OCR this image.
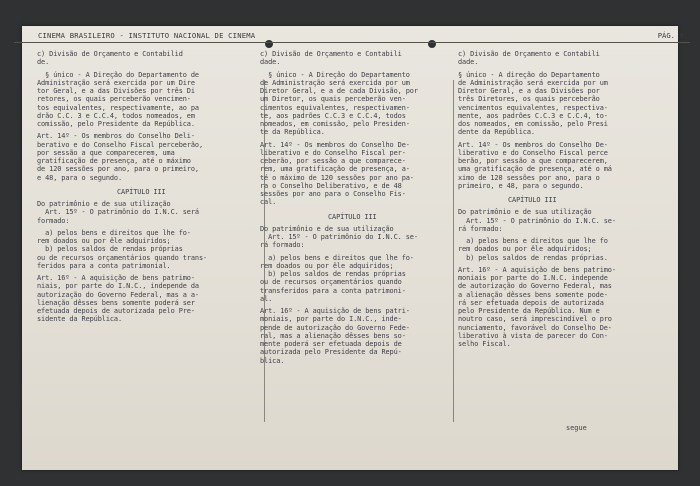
CINEMA BRASILEIRO - INSTITUTO NACIONAL DE CINEMA	PÁG. 9.
c) Divisão de Orçamento e Contabilid
de.
§ único - A Direção do Departamento de
Administração será exercida por um Dire
tor Geral, e a das Divisões por três Di
retores, os quais perceberão vencimen-
tos equivalentes, respectivamente, ao pa
drão C.C. 3 e C.C.4, todos nomeados, em
comissão, pelo Presidente da República.
Art. 14º - Os membros do Conselho Deli-
berativo e do Conselho Fiscal perceberão,
por sessão a que comparecerem, uma
gratificação de presença, até o máximo
de 120 sessões por ano, para o primeiro,
e 48, para o segundo.
CAPÍTULO III
Do patrimônio e de sua utilização
Art. 15º - O patrimônio do I.N.C. será
formado:
a) pelos bens e direitos que lhe fo-
rem doados ou por êle adquiridos;
b) pelos saldos de rendas próprias
ou de recursos orçamentários quando trans-
feridos para a conta patrimonial.
Art. 16º - A aquisição de bens patrimo-
niais, por parte do I.N.C., independe da
autorização do Governo Federal, mas a a-
lienação dêsses bens somente poderá ser
efetuada depois de autorizada pelo Pre-
sidente da República.
c) Divisão de Orçamento e Contabili
dade.
§ único - A Direção do Departamento
de Administração será exercida por um
Diretor Geral, e a de cada Divisão, por
um Diretor, os quais perceberão ven-
cimentos equivalentes, respectivamen-
te, aos padrões C.C.3 e C.C.4, todos
nomeados, em comissão, pelo Presiden-
te da República.
Art. 14º - Os membros do Conselho De-
liberativo e do Conselho Fiscal per-
ceberão, por sessão a que comparece-
rem, uma gratificação de presença, a-
té o máximo de 120 sessões por ano pa-
ra o Conselho Deliberativo, e de 48
sessões por ano para o Conselho Fis-
cal.
CAPÍTULO III
Do patrimônio e de sua utilização
Art. 15º - O patrimônio do I.N.C. se-
rá formado:
a) pelos bens e direitos que lhe fo-
rem doados ou por êle adquiridos;
b) pelos saldos de rendas próprias
ou de recursos orçamentários quando
transferidos para a conta patrimoni-
al.
Art. 16º - A aquisição de bens patri-
moniais, por parte do I.N.C., inde-
pende de autorização do Governo Fede-
ral, mas a alienação dêsses bens so-
mente poderá ser efetuada depois de
autorizada pelo Presidente da Repú-
blica.
c) Divisão de Orçamento e Contabili
dade.
§ único - A direção do Departamento
de Administração será exercida por um
Diretor Geral, e a das Divisões por
três Diretores, os quais perceberão
vencimentos equivalentes, respectiva-
mente, aos padrões C.C.3 e C.C.4, to-
dos nomeados, em comissão, pelo Presi
dente da República.
Art. 14º - Os membros do Conselho De-
liberativo e do Conselho Fiscal perce
berão, por sessão a que comparecerem,
uma gratificação de presença, até o má
ximo de 120 sessões por ano, para o
primeiro, e 48, para o segundo.
CAPÍTULO III
Do patrimônio e de sua utilização
Art. 15º - O patrimônio do I.N.C. se-
rá formado:
a) pelos bens e direitos que lhe fo
rem doados ou por êle adquiridos;
b) pelos saldos de rendas próprias.
Art. 16º - A aquisição de bens patrimo-
moniais por parte do I.N.C. independe
de autorização do Governo Federal, mas
a alienação dêsses bens somente pode-
rá ser efetuada depois de autorizada
pelo Presidente da República. Num e
noutro caso, será imprescindível o pro
nunciamento, favorável do Conselho De-
liberativo à vista de parecer do Con-
selho Fiscal.
segue
